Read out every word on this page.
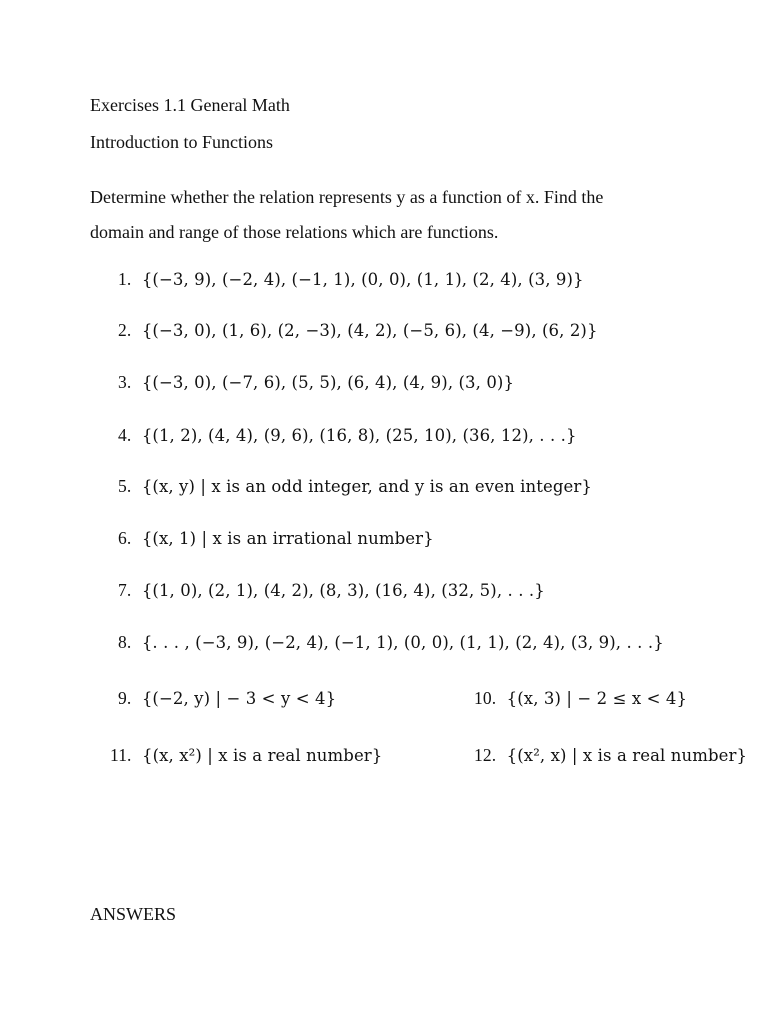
Exercises 1.1 General Math
Introduction to Functions
Determine whether the relation represents y as a function of x. Find the
domain and range of those relations which are functions.
1. {(−3, 9), (−2, 4), (−1, 1), (0, 0), (1, 1), (2, 4), (3, 9)}
2. {(−3, 0), (1, 6), (2, −3), (4, 2), (−5, 6), (4, −9), (6, 2)}
3. {(−3, 0), (−7, 6), (5, 5), (6, 4), (4, 9), (3, 0)}
4. {(1, 2), (4, 4), (9, 6), (16, 8), (25, 10), (36, 12), . . .}
5. {(x, y) | x is an odd integer, and y is an even integer}
6. {(x, 1) | x is an irrational number}
7. {(1, 0), (2, 1), (4, 2), (8, 3), (16, 4), (32, 5), . . .}
8. {. . . , (−3, 9), (−2, 4), (−1, 1), (0, 0), (1, 1), (2, 4), (3, 9), . . .}
9. {(−2, y) | − 3 < y < 4}	10. {(x, 3) | − 2 ≤ x < 4}
11. {(x, x²) | x is a real number}	12. {(x², x) | x is a real number}
ANSWERS
